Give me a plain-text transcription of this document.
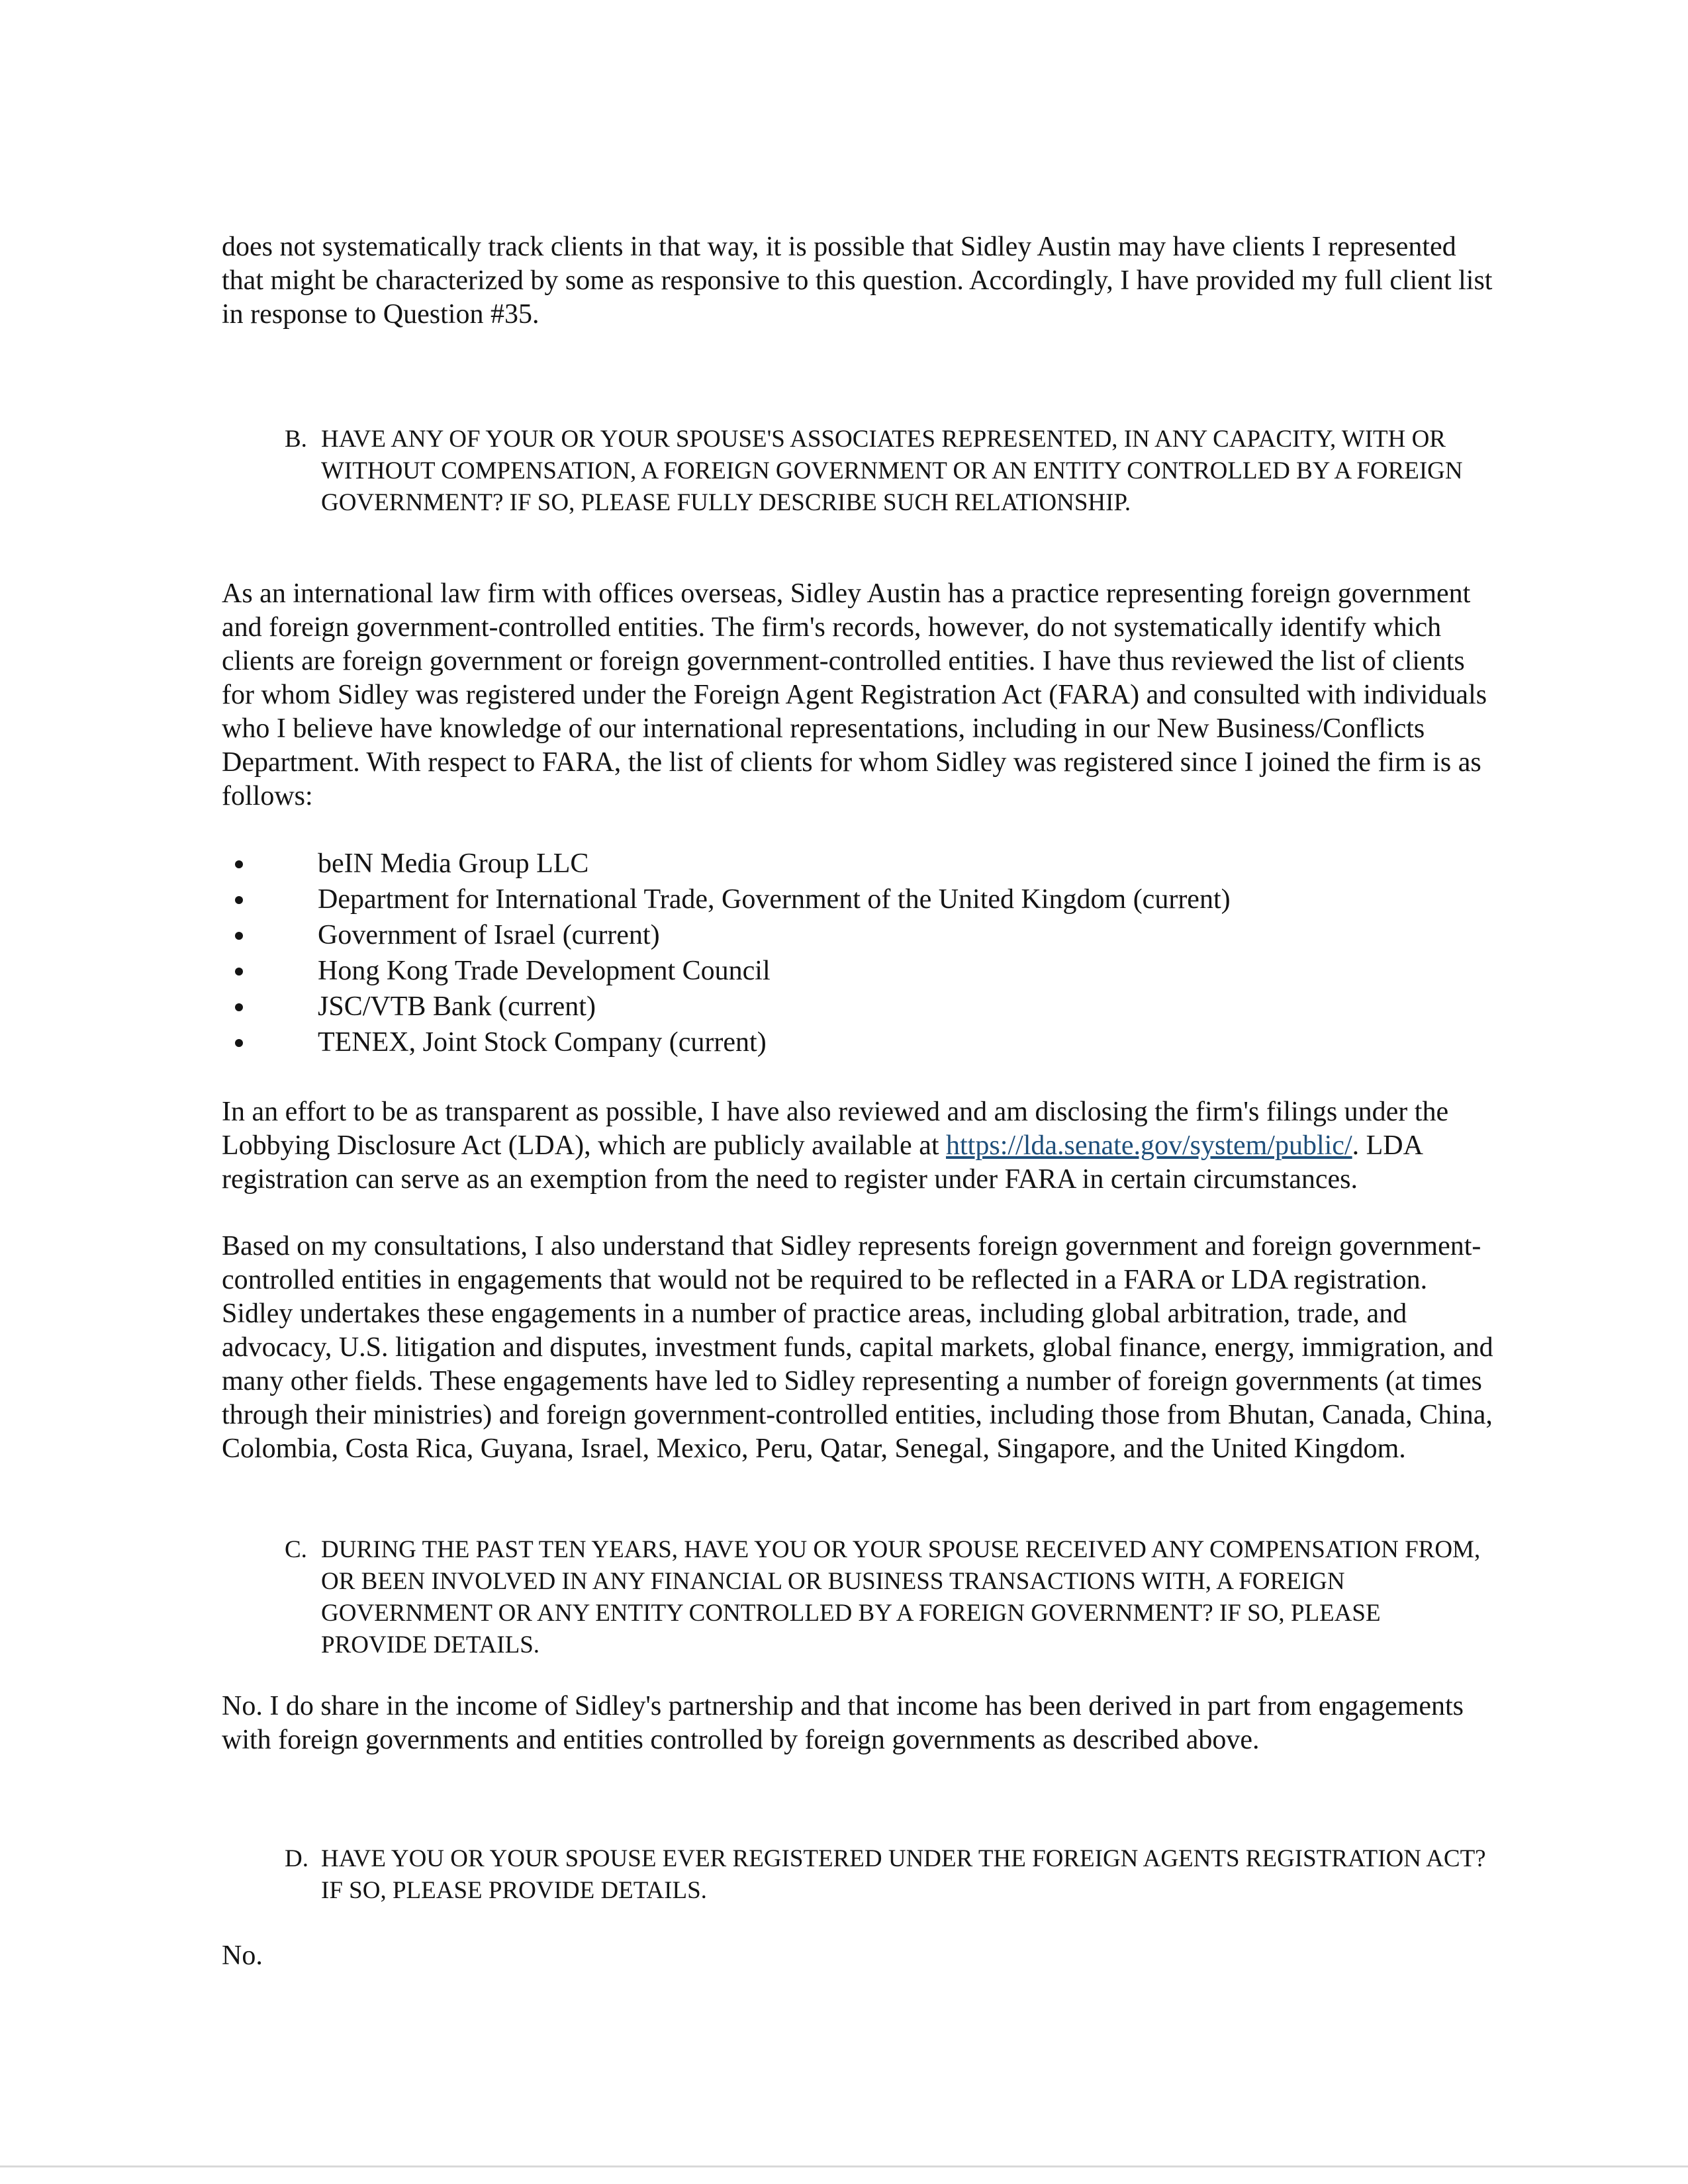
does not systematically track clients in that way, it is possible that Sidley Austin may have clients I represented that might be characterized by some as responsive to this question. Accordingly, I have provided my full client list in response to Question #35.

B. HAVE ANY OF YOUR OR YOUR SPOUSE'S ASSOCIATES REPRESENTED, IN ANY CAPACITY, WITH OR WITHOUT COMPENSATION, A FOREIGN GOVERNMENT OR AN ENTITY CONTROLLED BY A FOREIGN GOVERNMENT? IF SO, PLEASE FULLY DESCRIBE SUCH RELATIONSHIP.

As an international law firm with offices overseas, Sidley Austin has a practice representing foreign government and foreign government-controlled entities. The firm's records, however, do not systematically identify which clients are foreign government or foreign government-controlled entities. I have thus reviewed the list of clients for whom Sidley was registered under the Foreign Agent Registration Act (FARA) and consulted with individuals who I believe have knowledge of our international representations, including in our New Business/Conflicts Department. With respect to FARA, the list of clients for whom Sidley was registered since I joined the firm is as follows:

beIN Media Group LLC
Department for International Trade, Government of the United Kingdom (current)
Government of Israel (current)
Hong Kong Trade Development Council
JSC/VTB Bank (current)
TENEX, Joint Stock Company (current)

In an effort to be as transparent as possible, I have also reviewed and am disclosing the firm's filings under the Lobbying Disclosure Act (LDA), which are publicly available at https://lda.senate.gov/system/public/. LDA registration can serve as an exemption from the need to register under FARA in certain circumstances.

Based on my consultations, I also understand that Sidley represents foreign government and foreign government-controlled entities in engagements that would not be required to be reflected in a FARA or LDA registration. Sidley undertakes these engagements in a number of practice areas, including global arbitration, trade, and advocacy, U.S. litigation and disputes, investment funds, capital markets, global finance, energy, immigration, and many other fields. These engagements have led to Sidley representing a number of foreign governments (at times through their ministries) and foreign government-controlled entities, including those from Bhutan, Canada, China, Colombia, Costa Rica, Guyana, Israel, Mexico, Peru, Qatar, Senegal, Singapore, and the United Kingdom.

C. DURING THE PAST TEN YEARS, HAVE YOU OR YOUR SPOUSE RECEIVED ANY COMPENSATION FROM, OR BEEN INVOLVED IN ANY FINANCIAL OR BUSINESS TRANSACTIONS WITH, A FOREIGN GOVERNMENT OR ANY ENTITY CONTROLLED BY A FOREIGN GOVERNMENT? IF SO, PLEASE PROVIDE DETAILS.

No. I do share in the income of Sidley's partnership and that income has been derived in part from engagements with foreign governments and entities controlled by foreign governments as described above.

D. HAVE YOU OR YOUR SPOUSE EVER REGISTERED UNDER THE FOREIGN AGENTS REGISTRATION ACT? IF SO, PLEASE PROVIDE DETAILS.

No.
